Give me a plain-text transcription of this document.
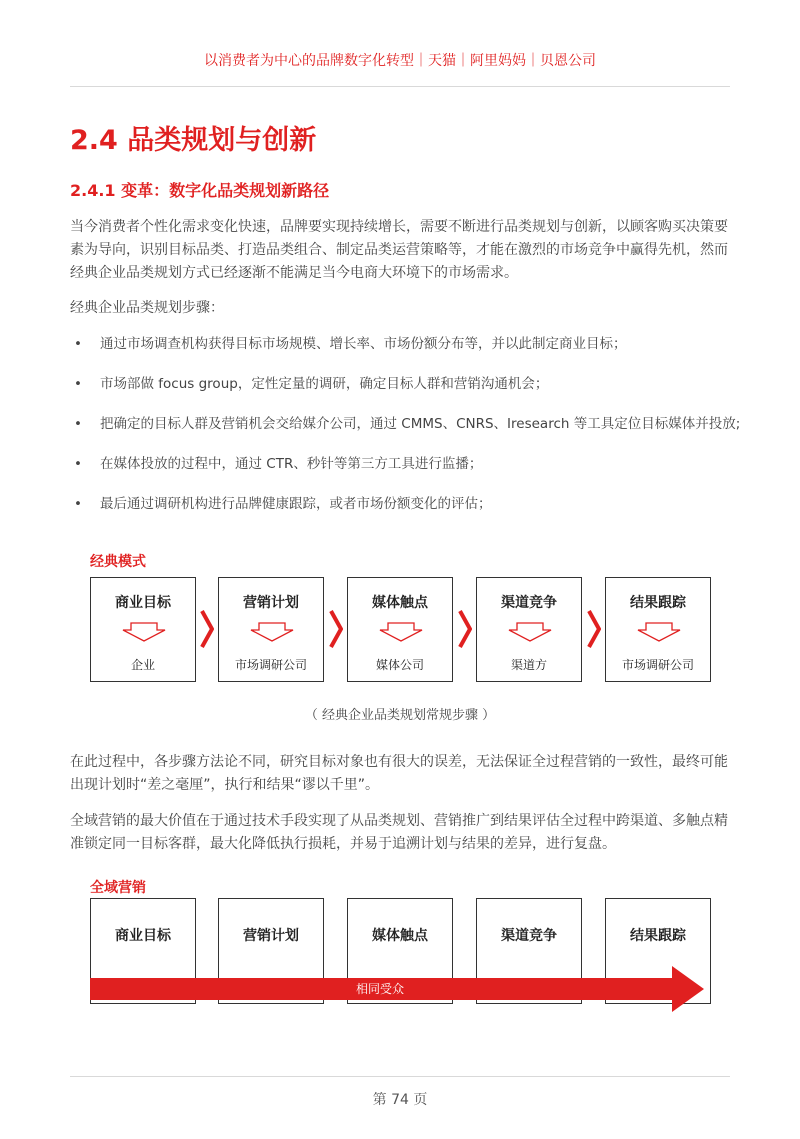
以消费者为中心的品牌数字化转型｜天猫｜阿里妈妈｜贝恩公司
2.4 品类规划与创新
2.4.1 变革：数字化品类规划新路径

当今消费者个性化需求变化快速，品牌要实现持续增长，需要不断进行品类规划与创新，以顾客购买决策要素为导向，识别目标品类、打造品类组合、制定品类运营策略等，才能在激烈的市场竞争中赢得先机，然而经典企业品类规划方式已经逐渐不能满足当今电商大环境下的市场需求。

经典企业品类规划步骤：

• 通过市场调查机构获得目标市场规模、增长率、市场份额分布等，并以此制定商业目标；
• 市场部做 focus group，定性定量的调研，确定目标人群和营销沟通机会；
• 把确定的目标人群及营销机会交给媒介公司，通过 CMMS、CNRS、Iresearch 等工具定位目标媒体并投放;
• 在媒体投放的过程中，通过 CTR、秒针等第三方工具进行监播；
• 最后通过调研机构进行品牌健康跟踪，或者市场份额变化的评估；
经典模式
商业目标
企业
营销计划
市场调研公司
媒体触点
媒体公司
渠道竞争
渠道方
结果跟踪
市场调研公司
（ 经典企业品类规划常规步骤 ）

在此过程中，各步骤方法论不同，研究目标对象也有很大的误差，无法保证全过程营销的一致性，最终可能出现计划时“差之毫厘”，执行和结果“谬以千里”。

全域营销的最大价值在于通过技术手段实现了从品类规划、营销推广到结果评估全过程中跨渠道、多触点精准锁定同一目标客群，最大化降低执行损耗，并易于追溯计划与结果的差异，进行复盘。

全域营销
商业目标	营销计划	媒体触点	渠道竞争	结果跟踪
相同受众
第 74 页
